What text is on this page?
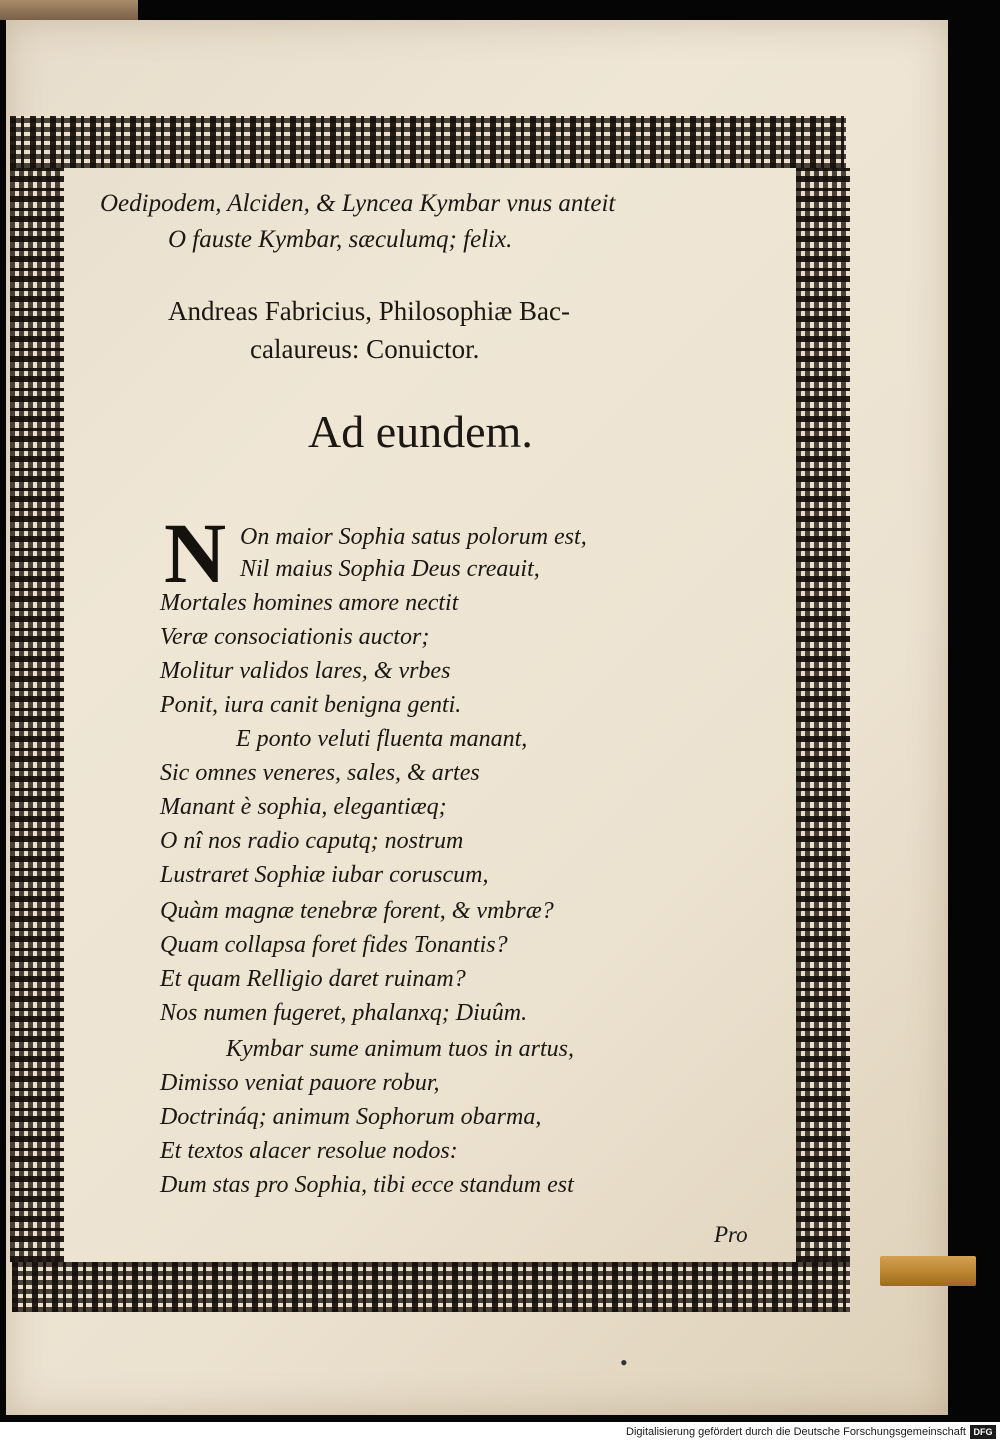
Oedipodem, Alciden, & Lyncea Kymbar vnus anteit
O fauste Kymbar, sæculumq; felix.
Andreas Fabricius, Philosophiæ Bac-
calaureus: Conuictor.
Ad eundem.
N On maior Sophia satus polorum est,
Nil maius Sophia Deus creauit,
Mortales homines amore nectit
Veræ consociationis auctor;
Molitur validos lares, & vrbes
Ponit, iura canit benigna genti.
E ponto veluti fluenta manant,
Sic omnes veneres, sales, & artes
Manant è sophia, elegantiæq;
O nî nos radio caputq; nostrum
Lustraret Sophiæ iubar coruscum,
Quàm magnæ tenebræ forent, & vmbræ?
Quam collapsa foret fides Tonantis?
Et quam Relligio daret ruinam?
Nos numen fugeret, phalanxq; Diuûm.
Kymbar sume animum tuos in artus,
Dimisso veniat pauore robur,
Doctrináq; animum Sophorum obarma,
Et textos alacer resolue nodos:
Dum stas pro Sophia, tibi ecce standum est
Pro
•
Digitalisierung gefördert durch die Deutsche Forschungsgemeinschaft DFG
